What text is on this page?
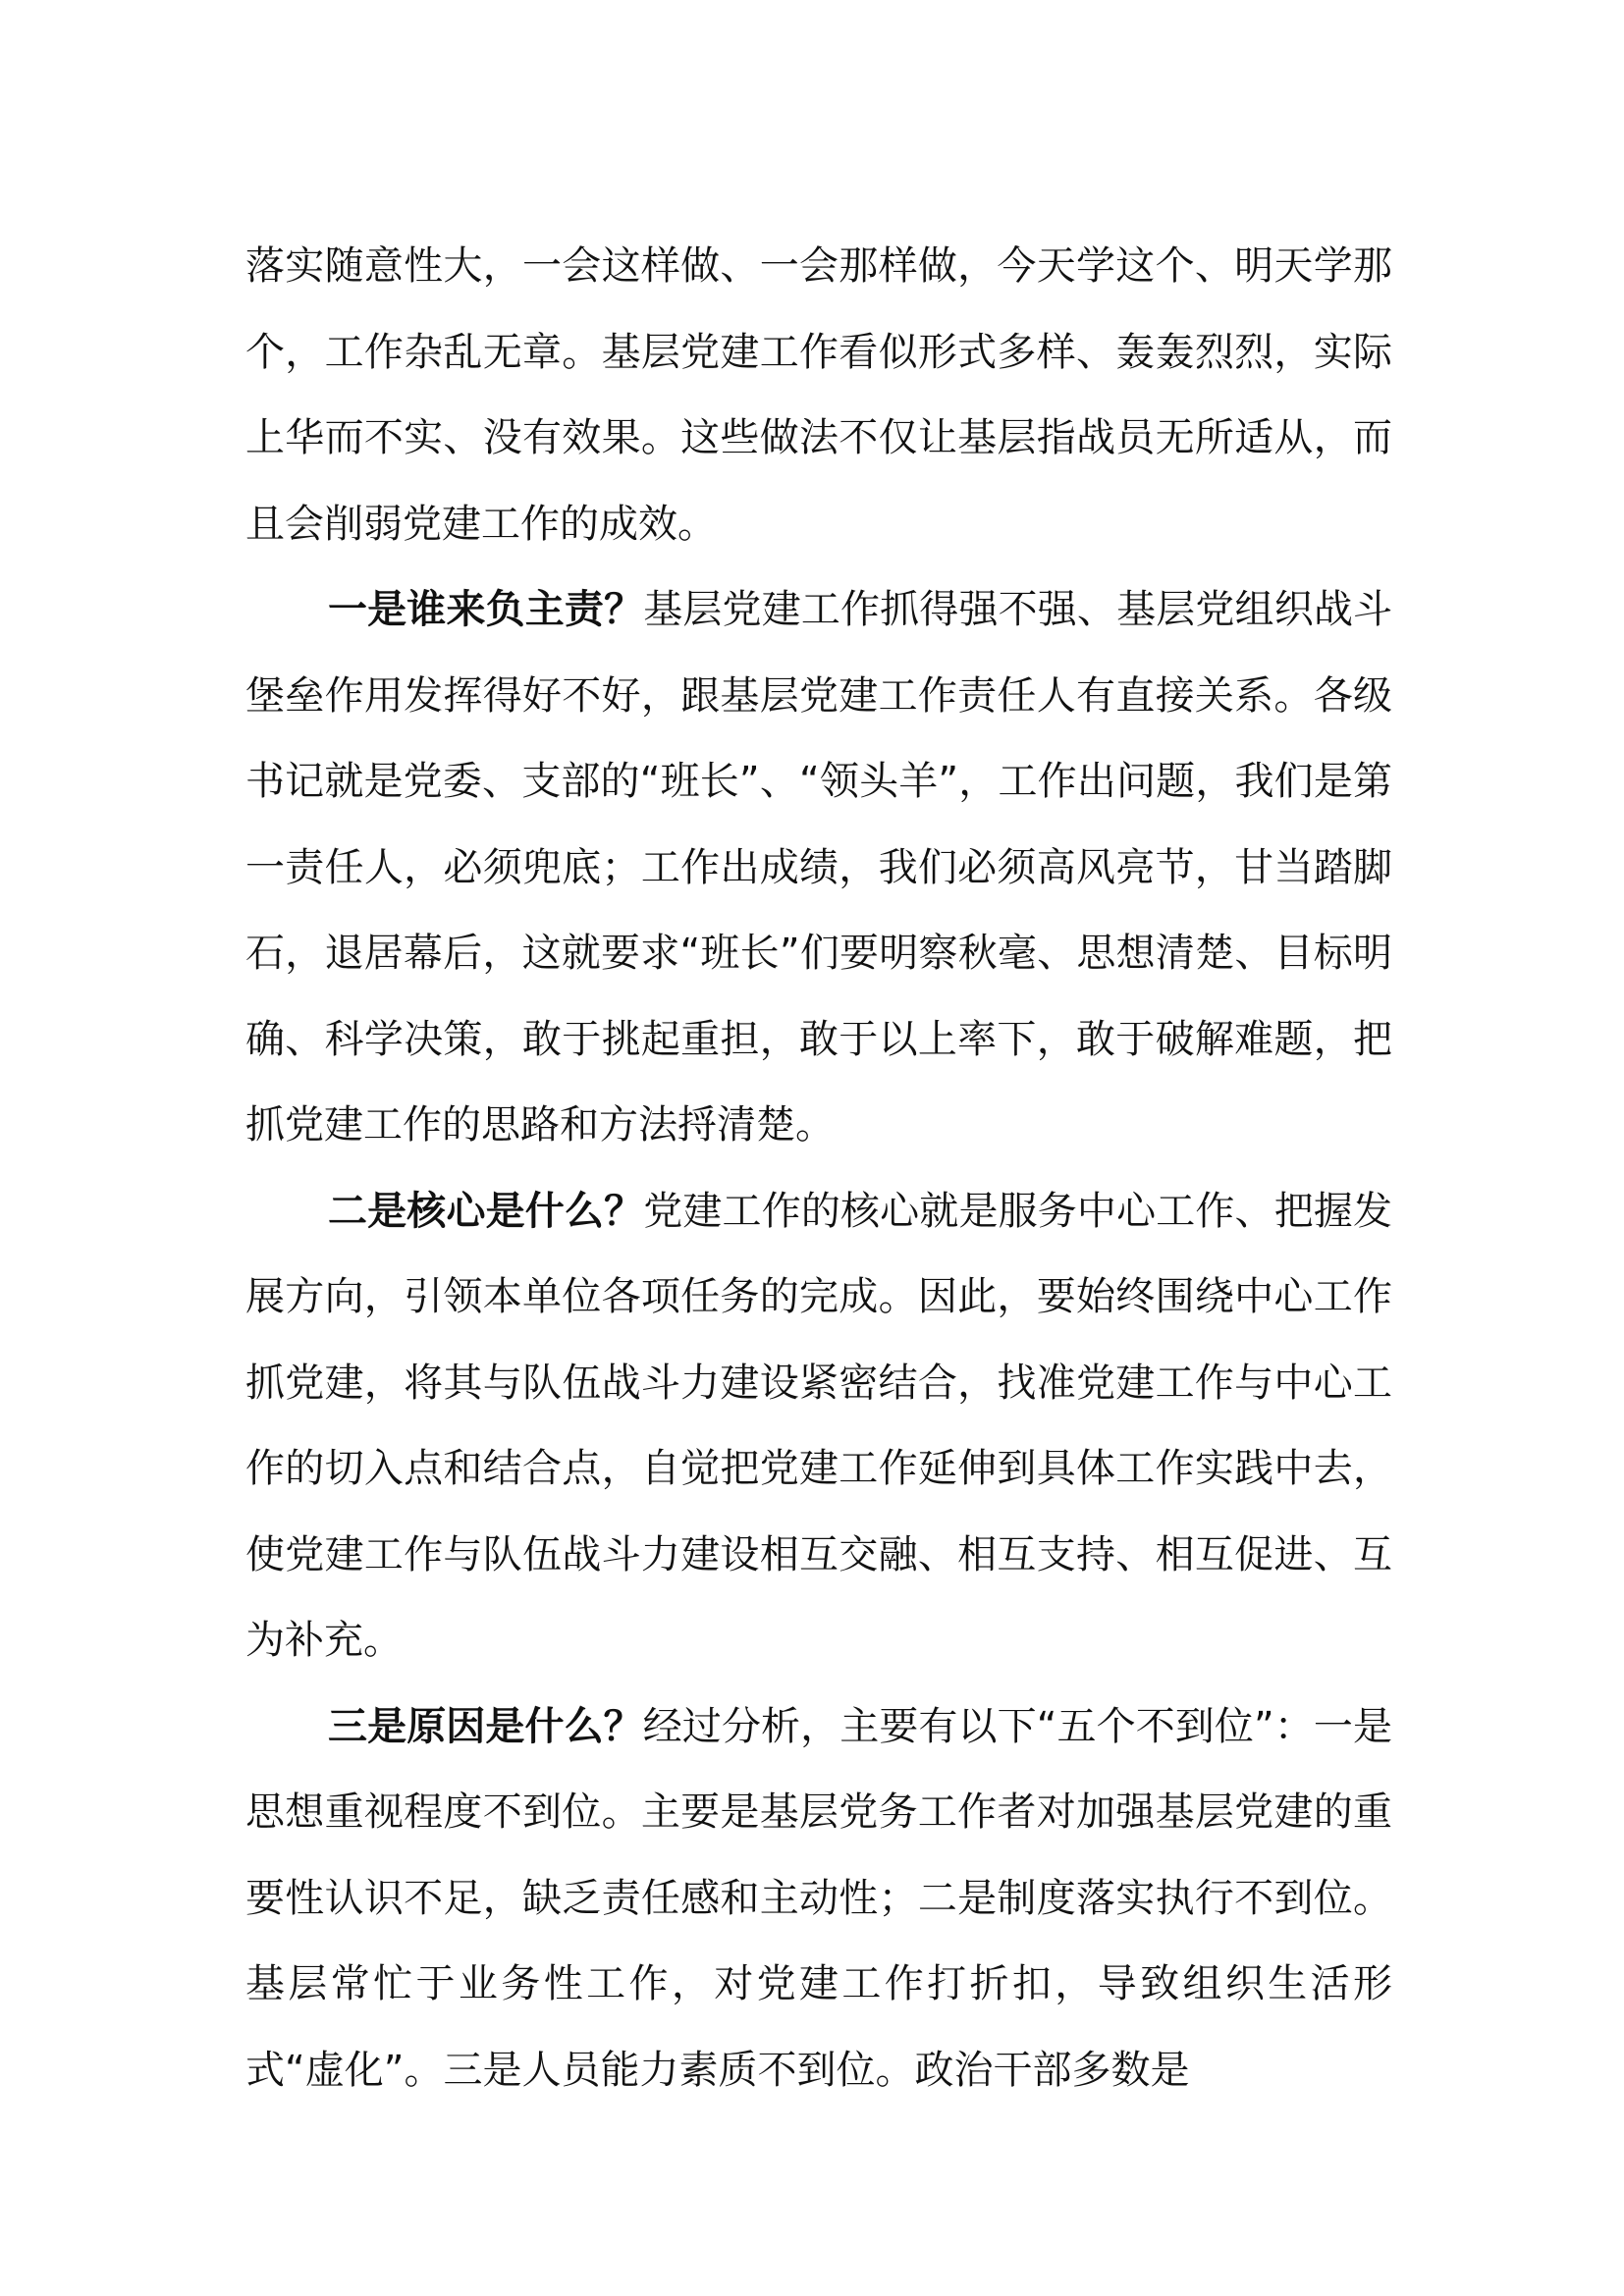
落实随意性大，一会这样做、一会那样做，今天学这个、明天学那个，工作杂乱无章。基层党建工作看似形式多样、轰轰烈烈，实际上华而不实、没有效果。这些做法不仅让基层指战员无所适从，而且会削弱党建工作的成效。

一是谁来负主责？基层党建工作抓得强不强、基层党组织战斗堡垒作用发挥得好不好，跟基层党建工作责任人有直接关系。各级书记就是党委、支部的“班长”、“领头羊”，工作出问题，我们是第一责任人，必须兜底；工作出成绩，我们必须高风亮节，甘当踏脚石，退居幕后，这就要求“班长”们要明察秋毫、思想清楚、目标明确、科学决策，敢于挑起重担，敢于以上率下，敢于破解难题，把抓党建工作的思路和方法捋清楚。

二是核心是什么？党建工作的核心就是服务中心工作、把握发展方向，引领本单位各项任务的完成。因此，要始终围绕中心工作抓党建，将其与队伍战斗力建设紧密结合，找准党建工作与中心工作的切入点和结合点，自觉把党建工作延伸到具体工作实践中去，使党建工作与队伍战斗力建设相互交融、相互支持、相互促进、互为补充。

三是原因是什么？经过分析，主要有以下“五个不到位”：一是思想重视程度不到位。主要是基层党务工作者对加强基层党建的重要性认识不足，缺乏责任感和主动性；二是制度落实执行不到位。基层常忙于业务性工作，对党建工作打折扣，导致组织生活形式“虚化”。三是人员能力素质不到位。政治干部多数是
